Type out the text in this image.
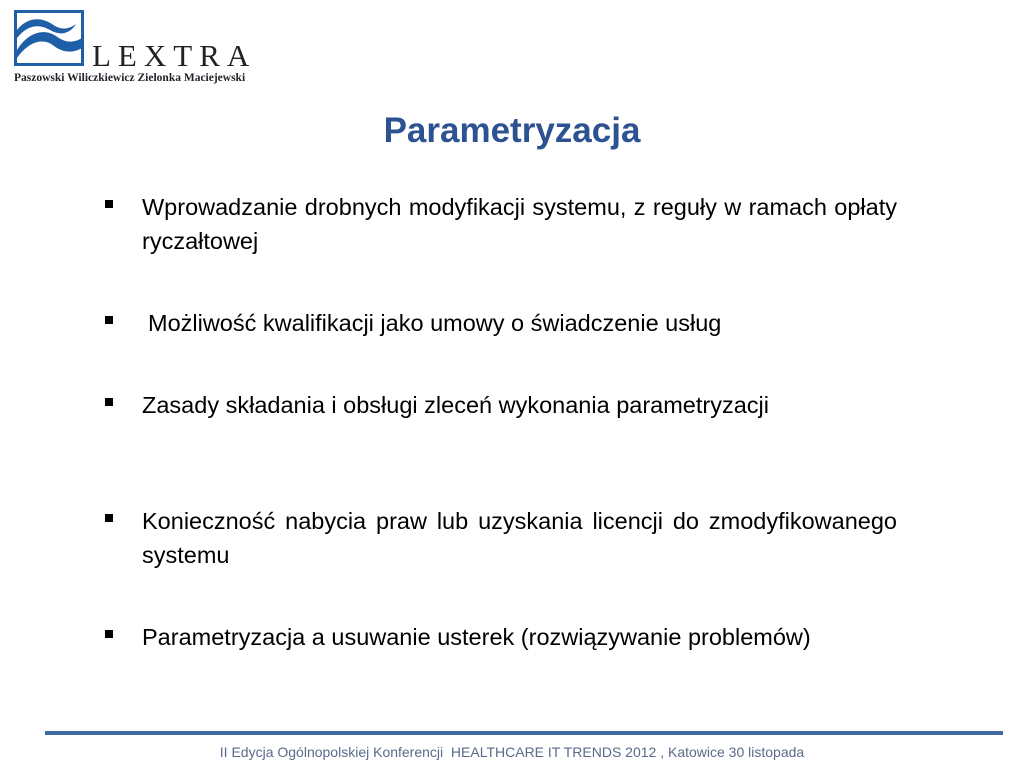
LEXTRA
Paszowski Wiliczkiewicz Zielonka Maciejewski
Parametryzacja
Wprowadzanie drobnych modyfikacji systemu, z reguły w ramach opłaty ryczałtowej
Możliwość kwalifikacji jako umowy o świadczenie usług
Zasady składania i obsługi zleceń wykonania parametryzacji
Konieczność nabycia praw lub uzyskania licencji do zmodyfikowanego systemu
Parametryzacja a usuwanie usterek (rozwiązywanie problemów)
II Edycja Ogólnopolskiej Konferencji  HEALTHCARE IT TRENDS 2012 , Katowice 30 listopada
